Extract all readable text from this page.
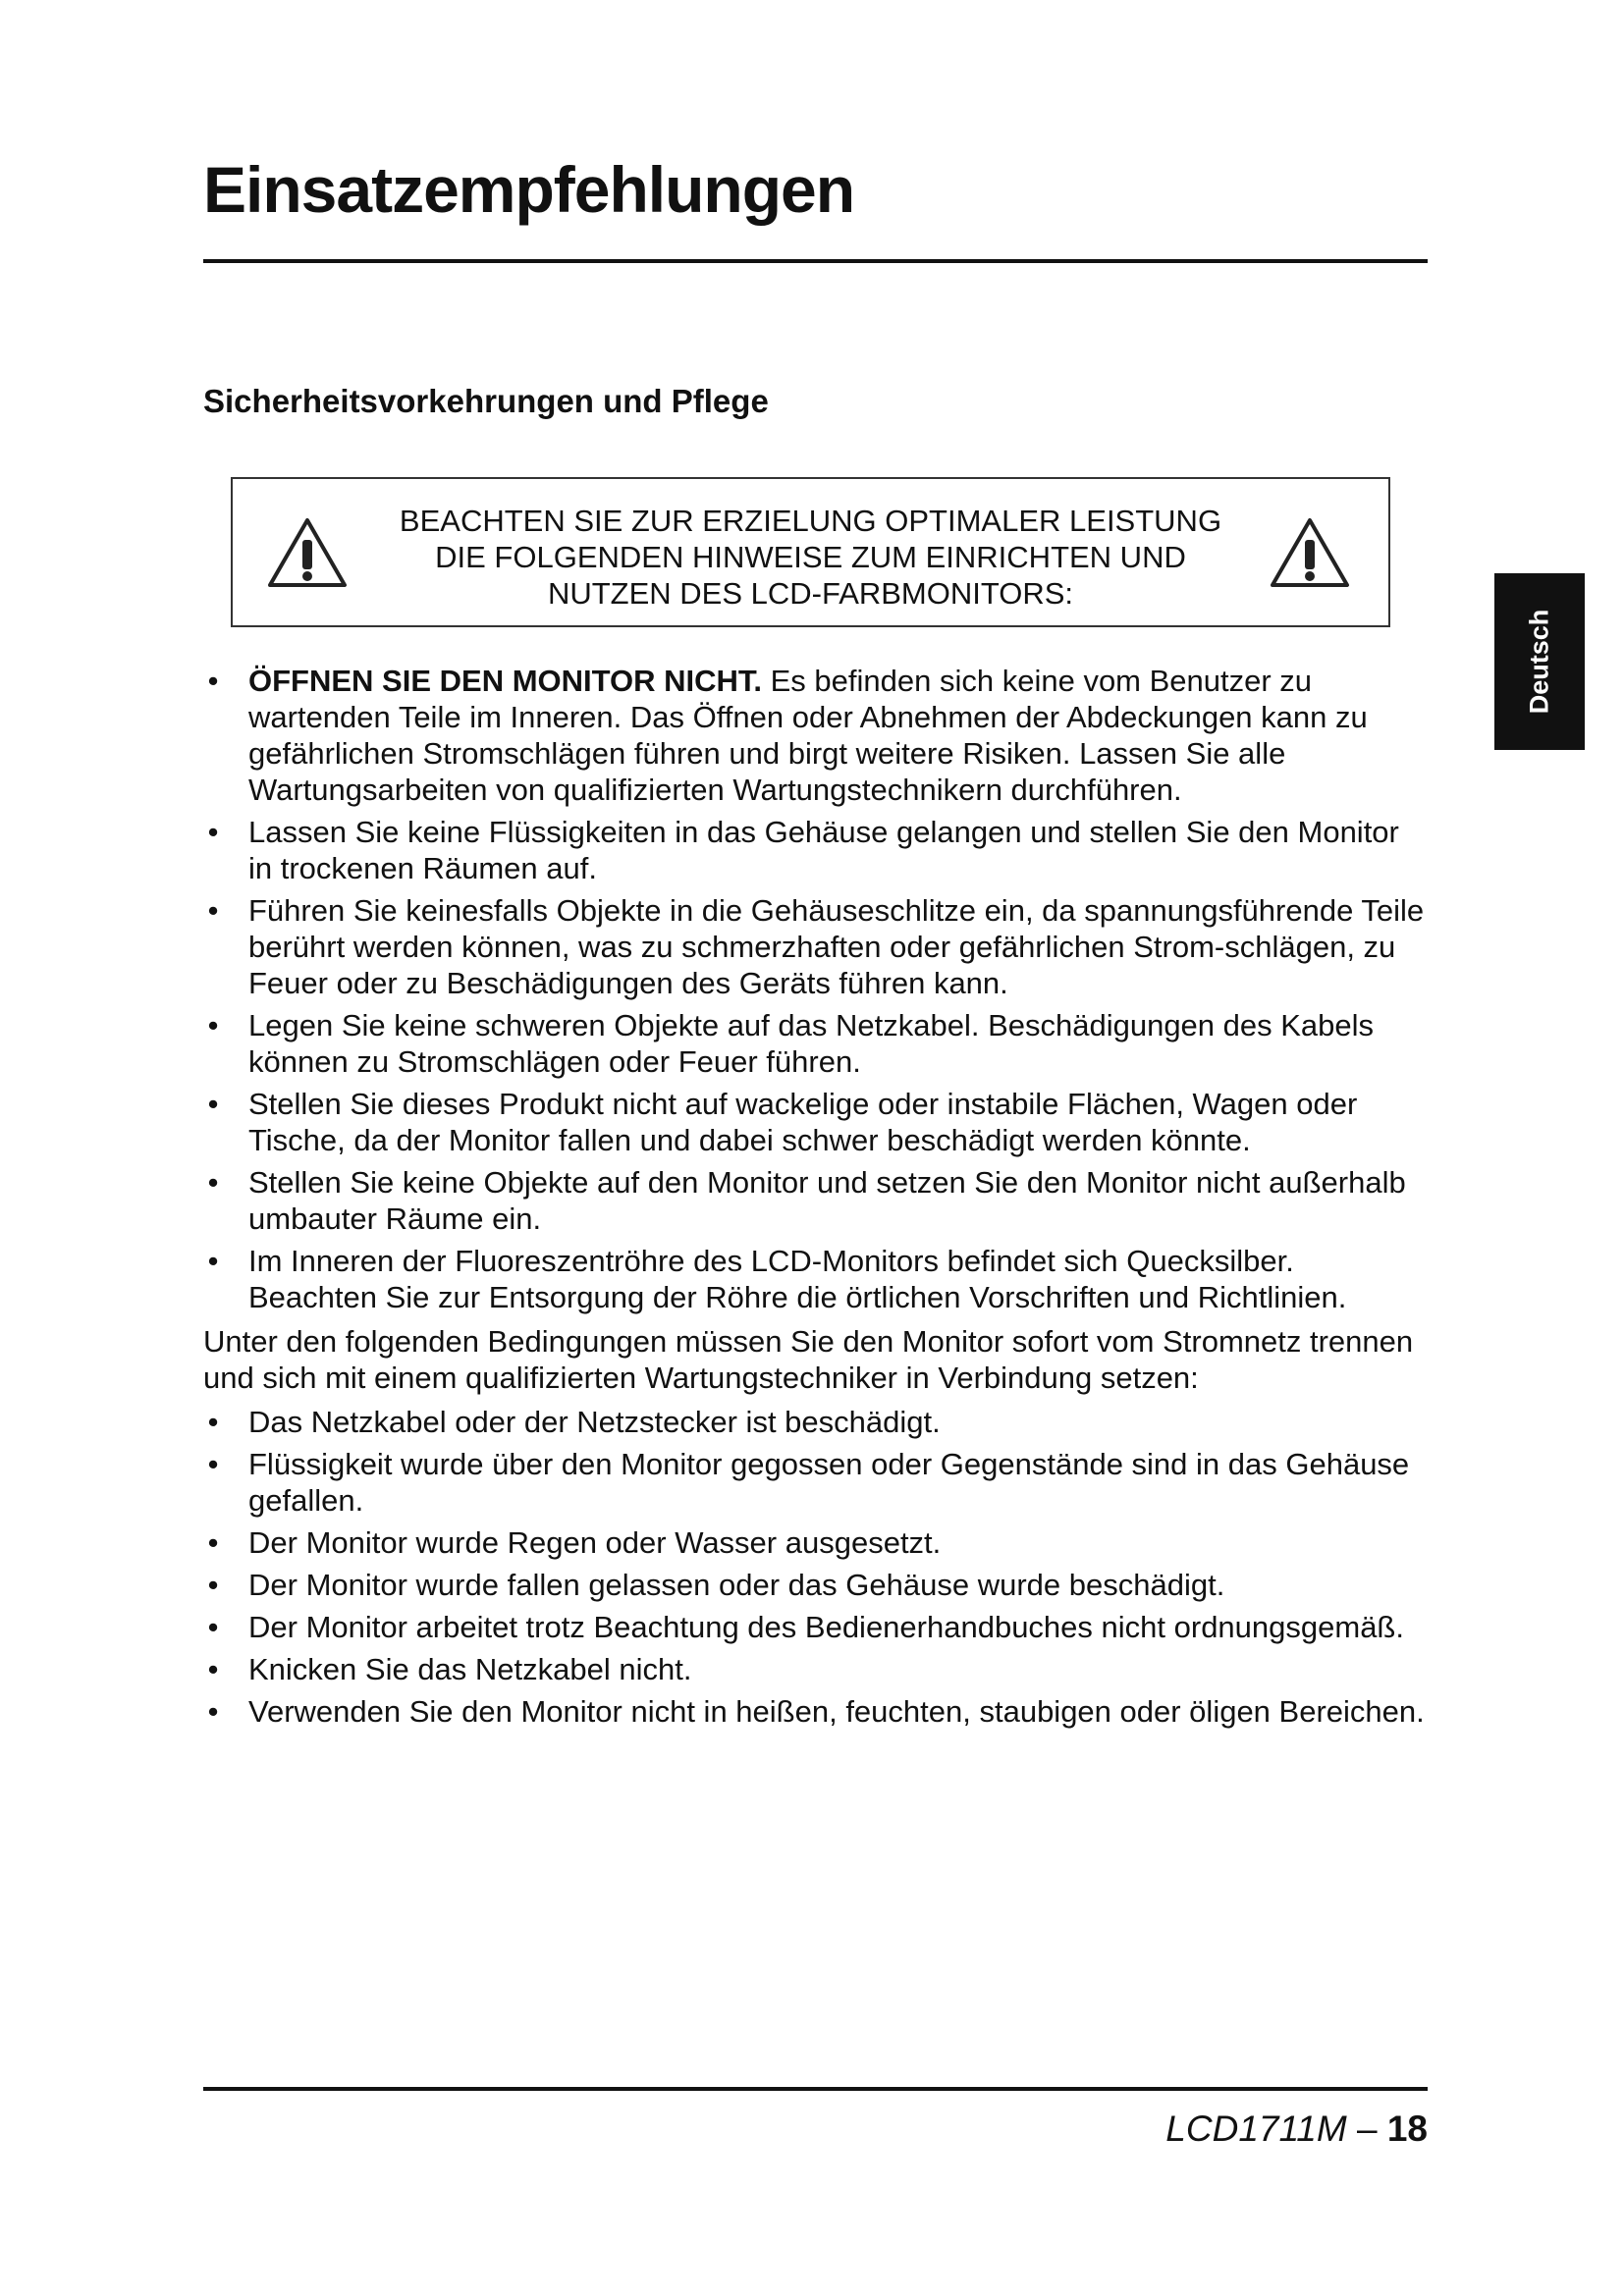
Einsatzempfehlungen
Sicherheitsvorkehrungen und Pflege
BEACHTEN SIE ZUR ERZIELUNG OPTIMALER LEISTUNG
DIE FOLGENDEN HINWEISE ZUM EINRICHTEN UND
NUTZEN DES LCD-FARBMONITORS:
Deutsch
• ÖFFNEN SIE DEN MONITOR NICHT. Es befinden sich keine vom Benutzer zu wartenden Teile im Inneren. Das Öffnen oder Abnehmen der Abdeckungen kann zu gefährlichen Stromschlägen führen und birgt weitere Risiken. Lassen Sie alle Wartungsarbeiten von qualifizierten Wartungstechnikern durchführen.
• Lassen Sie keine Flüssigkeiten in das Gehäuse gelangen und stellen Sie den Monitor in trockenen Räumen auf.
• Führen Sie keinesfalls Objekte in die Gehäuseschlitze ein, da spannungsführende Teile berührt werden können, was zu schmerzhaften oder gefährlichen Strom-schlägen, zu Feuer oder zu Beschädigungen des Geräts führen kann.
• Legen Sie keine schweren Objekte auf das Netzkabel. Beschädigungen des Kabels können zu Stromschlägen oder Feuer führen.
• Stellen Sie dieses Produkt nicht auf wackelige oder instabile Flächen, Wagen oder Tische, da der Monitor fallen und dabei schwer beschädigt werden könnte.
• Stellen Sie keine Objekte auf den Monitor und setzen Sie den Monitor nicht außerhalb umbauter Räume ein.
• Im Inneren der Fluoreszentröhre des LCD-Monitors befindet sich Quecksilber. Beachten Sie zur Entsorgung der Röhre die örtlichen Vorschriften und Richtlinien.

Unter den folgenden Bedingungen müssen Sie den Monitor sofort vom Stromnetz trennen und sich mit einem qualifizierten Wartungstechniker in Verbindung setzen:

• Das Netzkabel oder der Netzstecker ist beschädigt.
• Flüssigkeit wurde über den Monitor gegossen oder Gegenstände sind in das Gehäuse gefallen.
• Der Monitor wurde Regen oder Wasser ausgesetzt.
• Der Monitor wurde fallen gelassen oder das Gehäuse wurde beschädigt.
• Der Monitor arbeitet trotz Beachtung des Bedienerhandbuches nicht ordnungsgemäß.
• Knicken Sie das Netzkabel nicht.
• Verwenden Sie den Monitor nicht in heißen, feuchten, staubigen oder öligen Bereichen.
LCD1711M – 18
